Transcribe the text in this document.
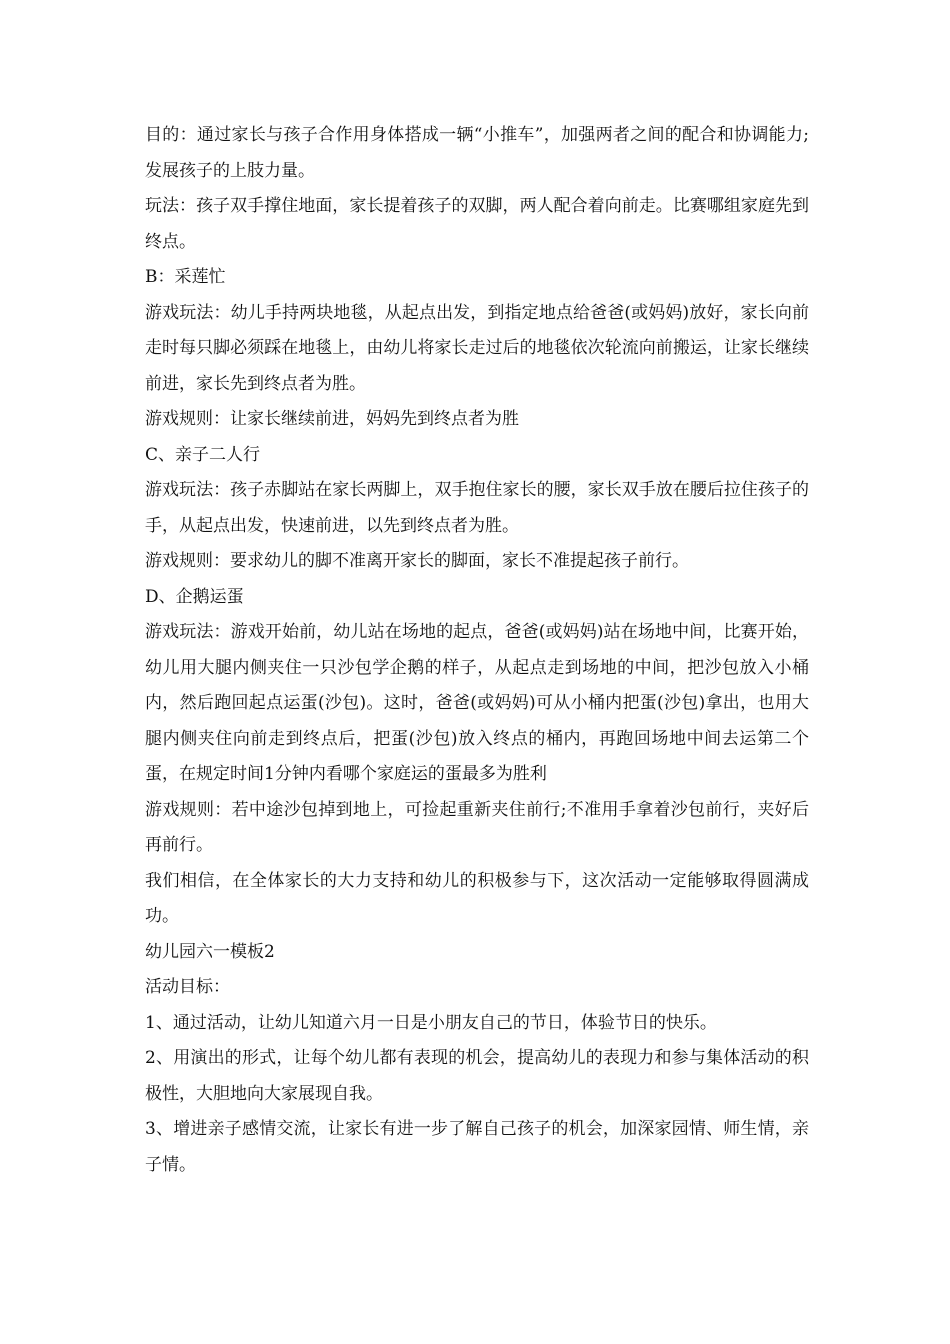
目的：通过家长与孩子合作用身体搭成一辆“小推车”，加强两者之间的配合和协调能力;发展孩子的上肢力量。

玩法：孩子双手撑住地面，家长提着孩子的双脚，两人配合着向前走。比赛哪组家庭先到终点。

B：采莲忙

游戏玩法：幼儿手持两块地毯，从起点出发，到指定地点给爸爸(或妈妈)放好，家长向前走时每只脚必须踩在地毯上，由幼儿将家长走过后的地毯依次轮流向前搬运，让家长继续前进，家长先到终点者为胜。

游戏规则：让家长继续前进，妈妈先到终点者为胜

C、亲子二人行

游戏玩法：孩子赤脚站在家长两脚上，双手抱住家长的腰，家长双手放在腰后拉住孩子的手，从起点出发，快速前进，以先到终点者为胜。

游戏规则：要求幼儿的脚不准离开家长的脚面，家长不准提起孩子前行。

D、企鹅运蛋

游戏玩法：游戏开始前，幼儿站在场地的起点，爸爸(或妈妈)站在场地中间，比赛开始，幼儿用大腿内侧夹住一只沙包学企鹅的样子，从起点走到场地的中间，把沙包放入小桶内，然后跑回起点运蛋(沙包)。这时，爸爸(或妈妈)可从小桶内把蛋(沙包)拿出，也用大腿内侧夹住向前走到终点后，把蛋(沙包)放入终点的桶内，再跑回场地中间去运第二个蛋，在规定时间1分钟内看哪个家庭运的蛋最多为胜利

游戏规则：若中途沙包掉到地上，可捡起重新夹住前行;不准用手拿着沙包前行，夹好后再前行。

我们相信，在全体家长的大力支持和幼儿的积极参与下，这次活动一定能够取得圆满成功。

幼儿园六一模板2

活动目标：

1、通过活动，让幼儿知道六月一日是小朋友自己的节日，体验节日的快乐。

2、用演出的形式，让每个幼儿都有表现的机会，提高幼儿的表现力和参与集体活动的积极性，大胆地向大家展现自我。

3、增进亲子感情交流，让家长有进一步了解自己孩子的机会，加深家园情、师生情，亲子情。
